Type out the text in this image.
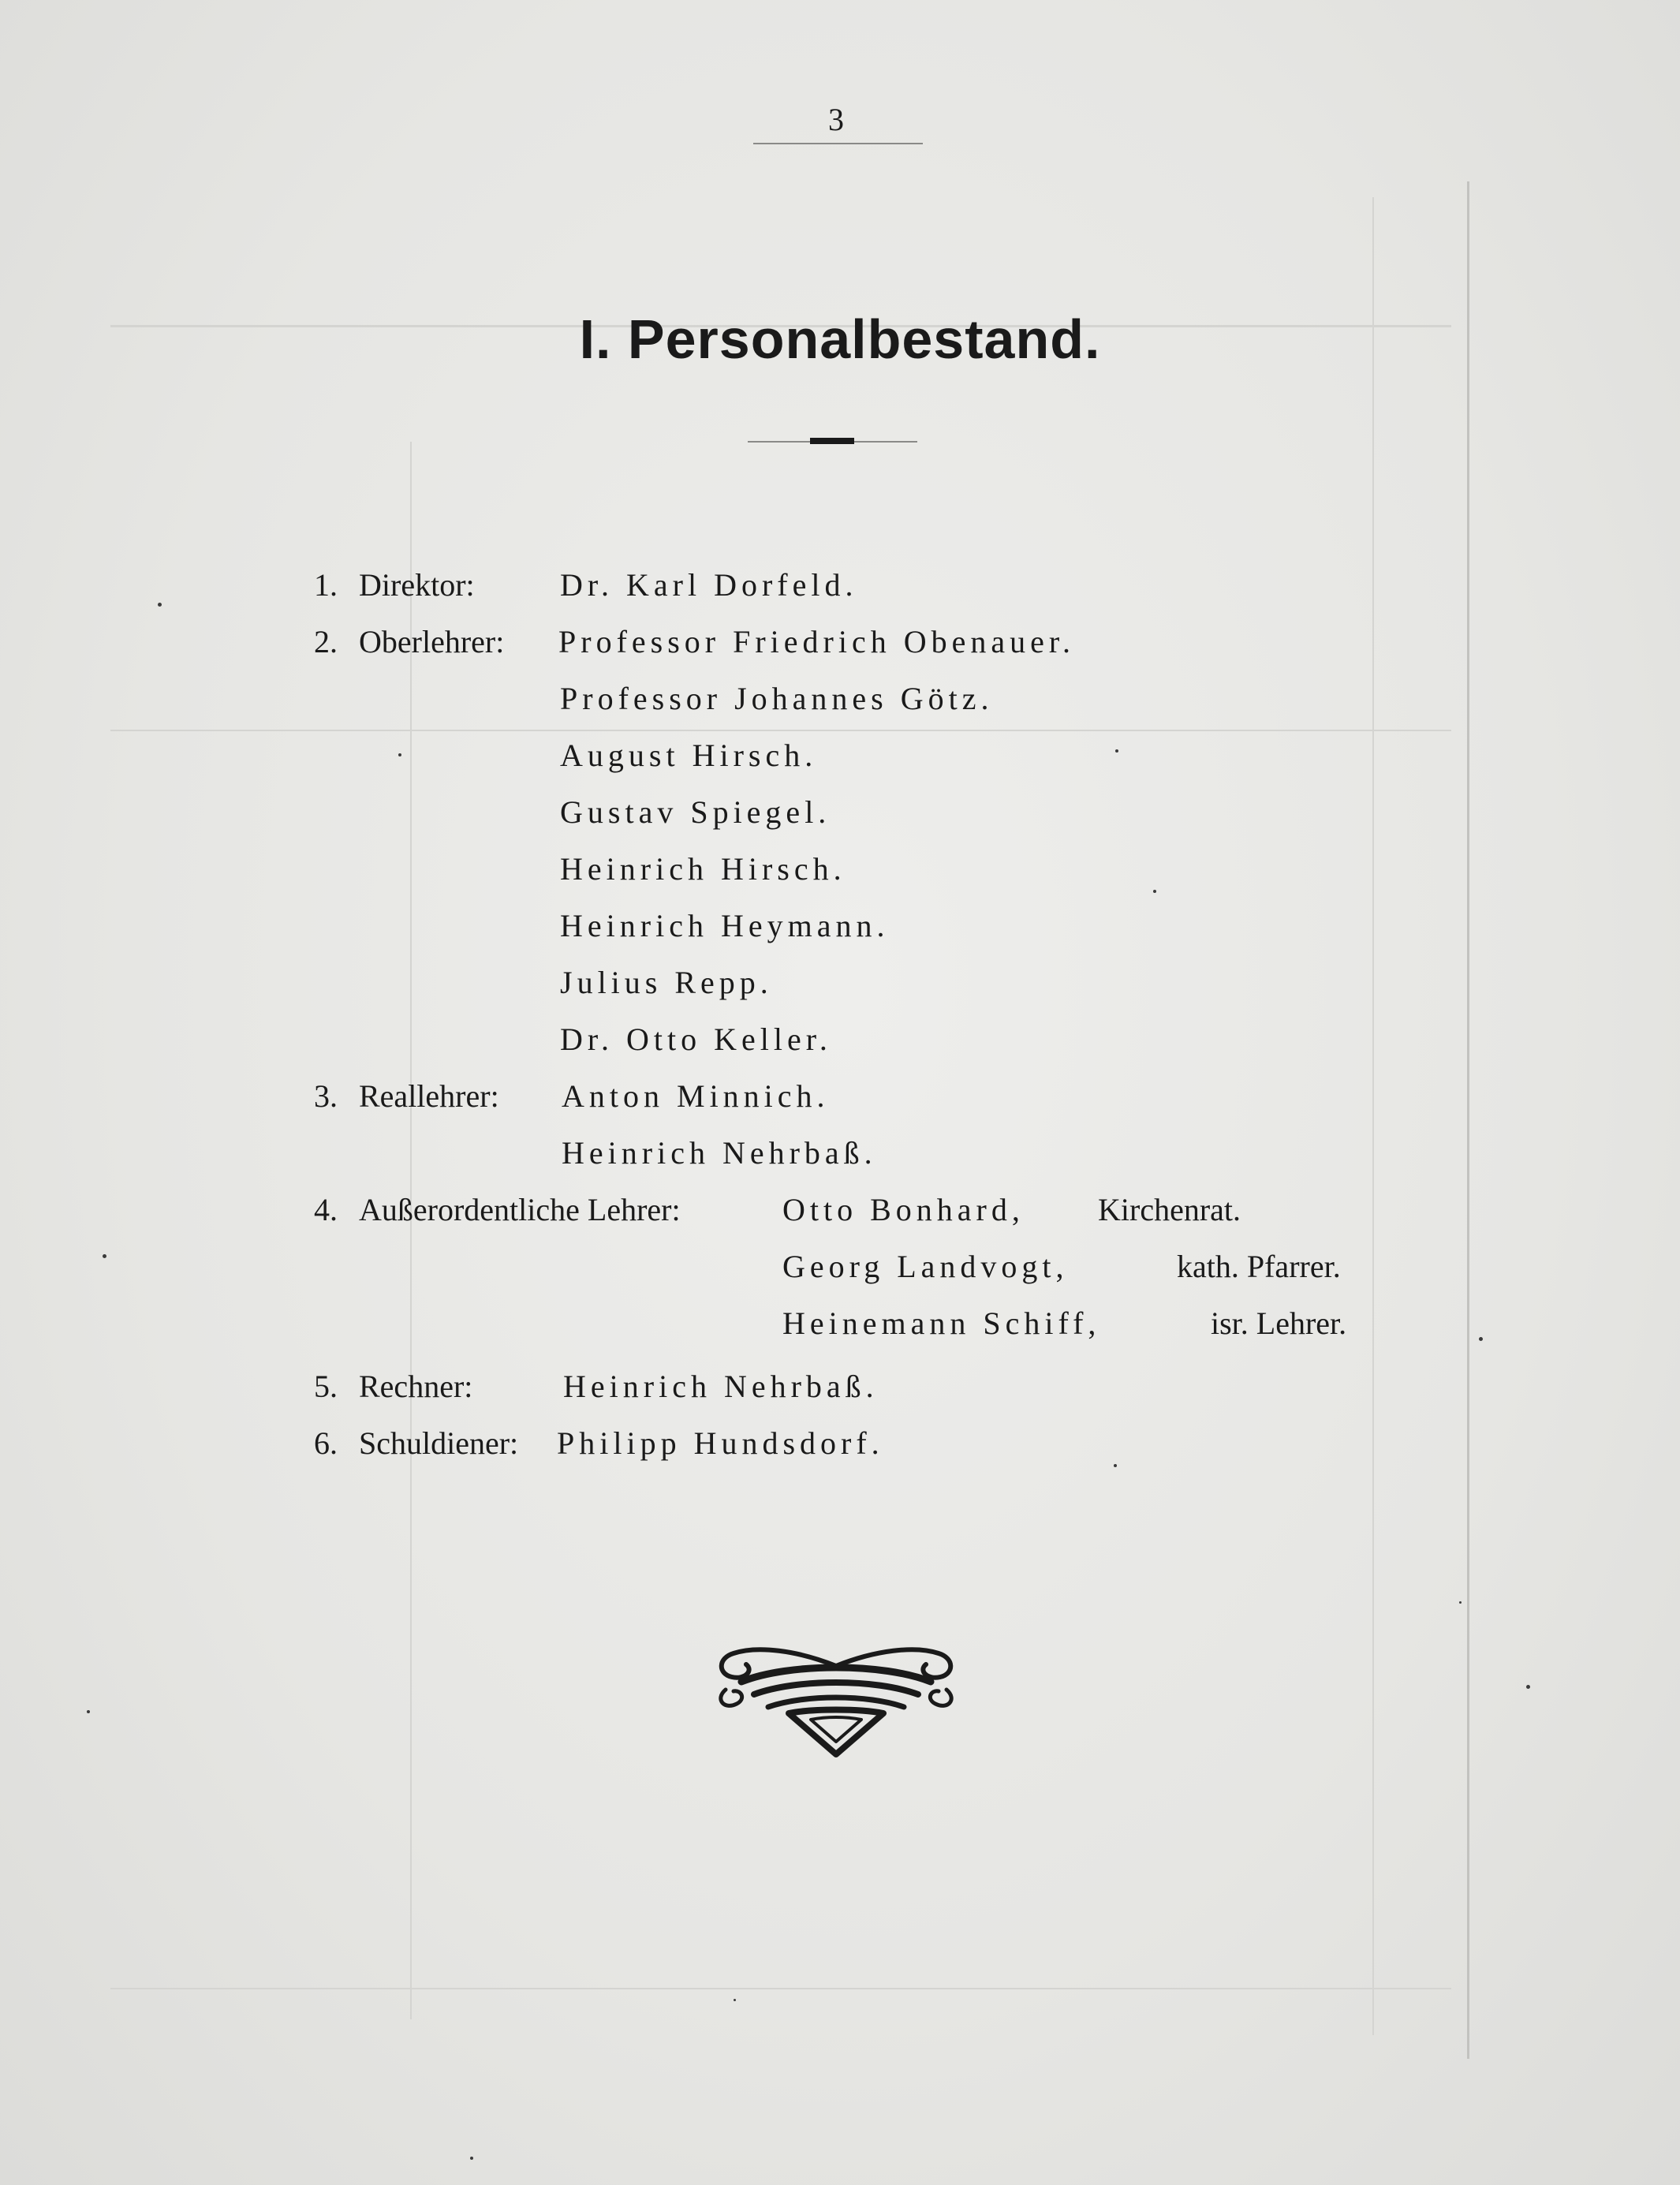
3
I. Personalbestand.
1. Direktor:	Dr. Karl Dorfeld.
2. Oberlehrer: Professor Friedrich Obenauer.
Professor Johannes Götz.
August Hirsch.
Gustav Spiegel.
Heinrich Hirsch.
Heinrich Heymann.
Julius Repp.
Dr. Otto Keller.
3. Reallehrer: Anton Minnich.
Heinrich Nehrbaß.
4. Außerordentliche Lehrer:	Otto Bonhard, Kirchenrat.
Georg Landvogt,	kath. Pfarrer.
Heinemann Schiff,	isr. Lehrer.
5. Rechner:	Heinrich Nehrbaß.
6. Schuldiener: Philipp Hundsdorf.
